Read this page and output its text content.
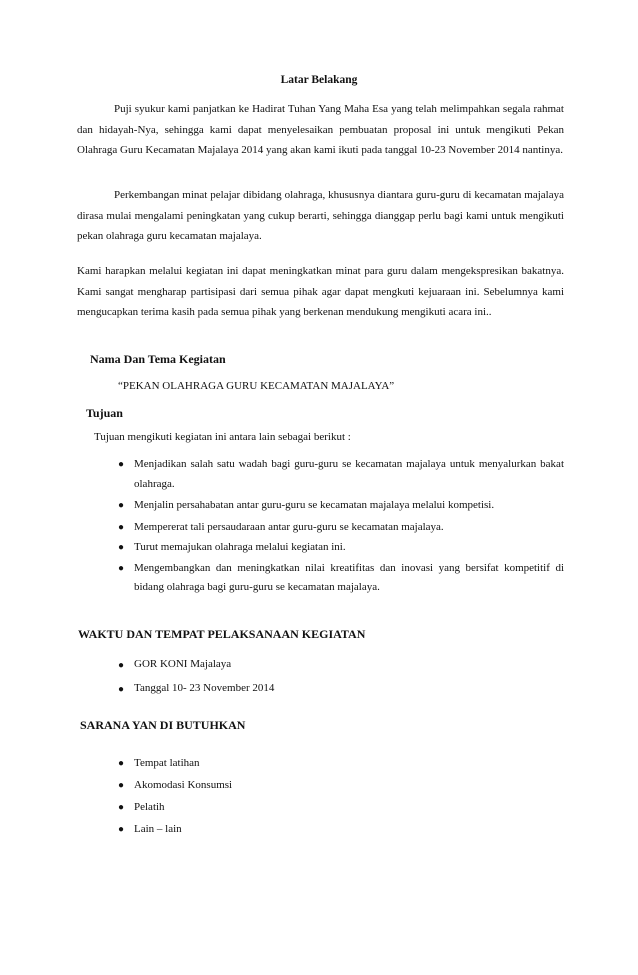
Latar Belakang

Puji syukur kami panjatkan ke Hadirat Tuhan Yang Maha Esa yang telah melimpahkan segala rahmat dan hidayah-Nya, sehingga kami dapat menyelesaikan pembuatan proposal ini untuk mengikuti Pekan Olahraga Guru Kecamatan Majalaya 2014 yang akan kami ikuti pada tanggal 10-23 November 2014 nantinya.

Perkembangan minat pelajar dibidang olahraga, khususnya diantara guru-guru di kecamatan majalaya dirasa mulai mengalami peningkatan yang cukup berarti, sehingga dianggap perlu bagi kami untuk mengikuti pekan olahraga guru kecamatan majalaya.

Kami harapkan melalui kegiatan ini dapat meningkatkan minat para guru dalam mengekspresikan bakatnya. Kami sangat mengharap partisipasi dari semua pihak agar dapat mengkuti kejuaraan ini. Sebelumnya kami mengucapkan terima kasih pada semua pihak yang berkenan mendukung mengikuti acara ini..

Nama Dan Tema Kegiatan

“PEKAN OLAHRAGA GURU KECAMATAN MAJALAYA”

Tujuan

Tujuan mengikuti kegiatan ini antara lain sebagai berikut :

● Menjadikan salah satu wadah bagi guru-guru se kecamatan majalaya untuk menyalurkan bakat olahraga.
● Menjalin persahabatan antar guru-guru se kecamatan majalaya melalui kompetisi.
● Mempererat tali persaudaraan antar guru-guru se kecamatan majalaya.
● Turut memajukan olahraga melalui kegiatan ini.
● Mengembangkan dan meningkatkan nilai kreatifitas dan inovasi yang bersifat kompetitif di bidang olahraga bagi guru-guru se kecamatan majalaya.
WAKTU DAN TEMPAT PELAKSANAAN KEGIATAN
● GOR KONI Majalaya
● Tanggal 10- 23 November 2014
SARANA YAN DI BUTUHKAN
● Tempat latihan
● Akomodasi Konsumsi
● Pelatih
● Lain – lain
